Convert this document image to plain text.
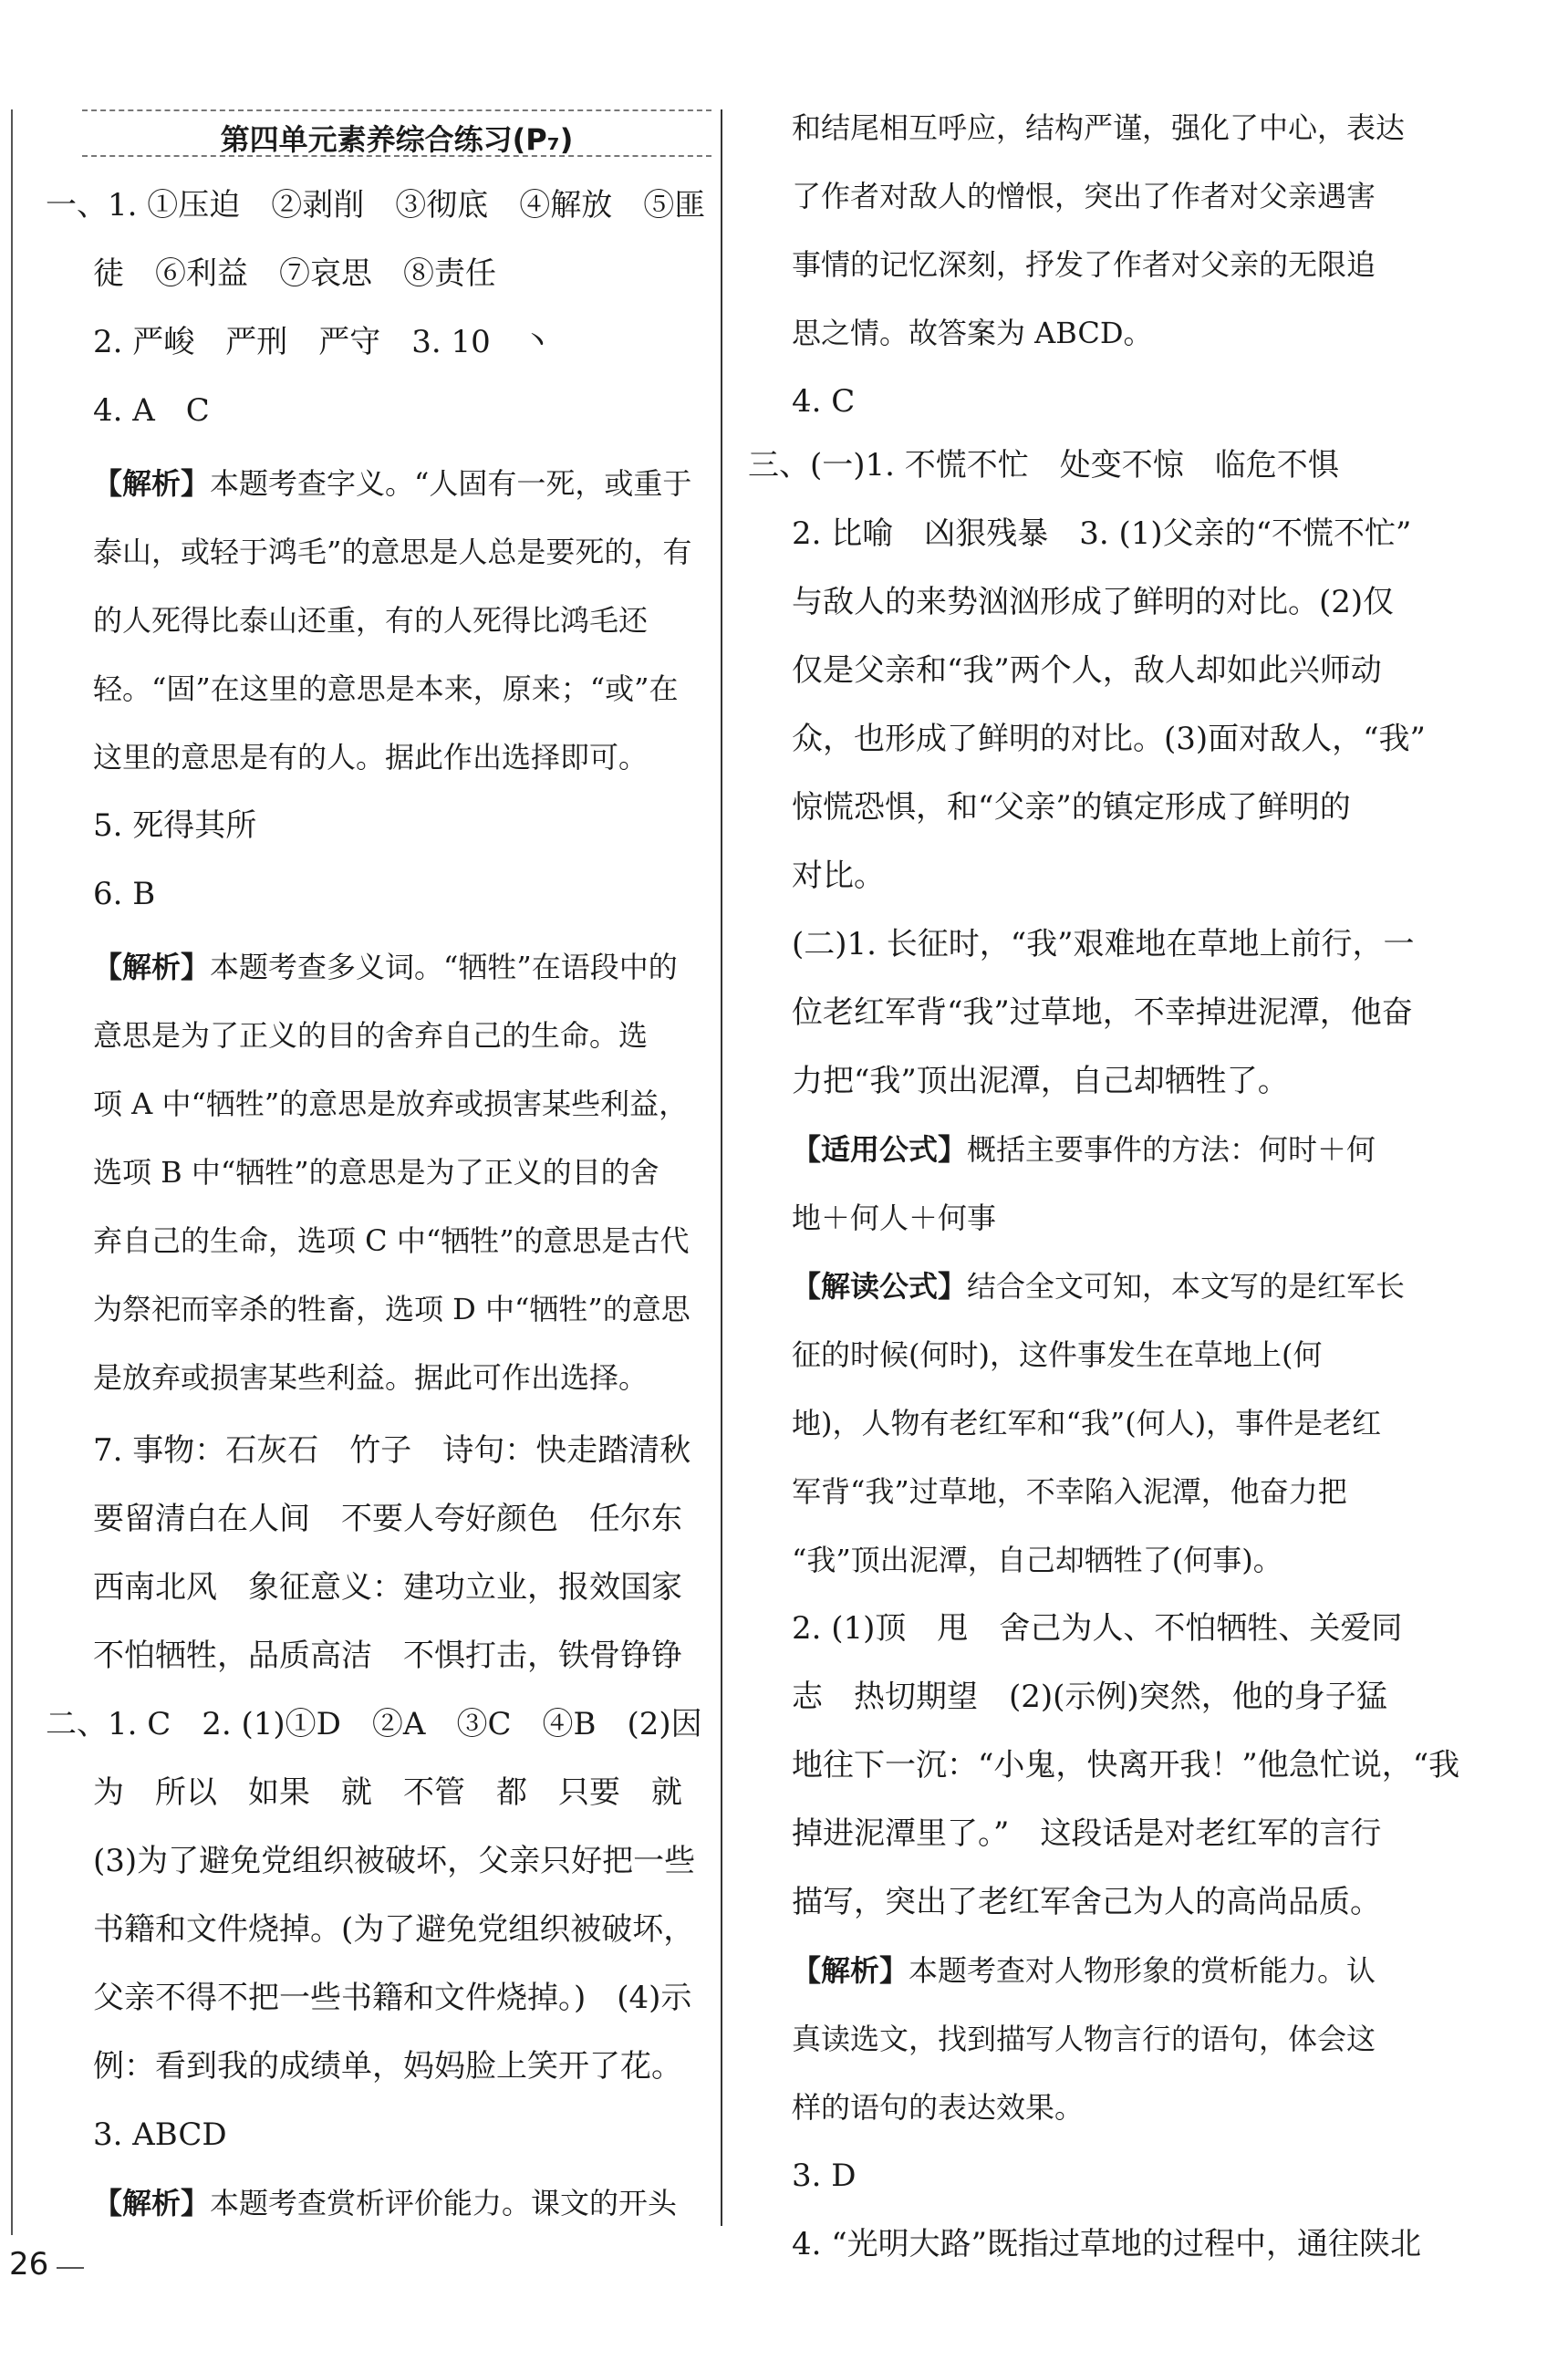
第四单元素养综合练习(P₇)
一、1. ①压迫　②剥削　③彻底　④解放　⑤匪
徒　⑥利益　⑦哀思　⑧责任
2. 严峻　严刑　严守　3. 10　丶
4. A　C
【解析】本题考查字义。“人固有一死，或重于
泰山，或轻于鸿毛”的意思是人总是要死的，有
的人死得比泰山还重，有的人死得比鸿毛还
轻。“固”在这里的意思是本来，原来；“或”在
这里的意思是有的人。据此作出选择即可。
5. 死得其所
6. B
【解析】本题考查多义词。“牺牲”在语段中的
意思是为了正义的目的舍弃自己的生命。选
项 A 中“牺牲”的意思是放弃或损害某些利益，
选项 B 中“牺牲”的意思是为了正义的目的舍
弃自己的生命，选项 C 中“牺牲”的意思是古代
为祭祀而宰杀的牲畜，选项 D 中“牺牲”的意思
是放弃或损害某些利益。据此可作出选择。
7. 事物：石灰石　竹子　诗句：快走踏清秋
要留清白在人间　不要人夸好颜色　任尔东
西南北风　象征意义：建功立业，报效国家
不怕牺牲，品质高洁　不惧打击，铁骨铮铮
二、1. C　2. (1)①D　②A　③C　④B　(2)因
为　所以　如果　就　不管　都　只要　就
(3)为了避免党组织被破坏，父亲只好把一些
书籍和文件烧掉。(为了避免党组织被破坏，
父亲不得不把一些书籍和文件烧掉。)　(4)示
例：看到我的成绩单，妈妈脸上笑开了花。
3. ABCD
【解析】本题考查赏析评价能力。课文的开头
和结尾相互呼应，结构严谨，强化了中心，表达
了作者对敌人的憎恨，突出了作者对父亲遇害
事情的记忆深刻，抒发了作者对父亲的无限追
思之情。故答案为 ABCD。
4. C
三、(一)1. 不慌不忙　处变不惊　临危不惧
2. 比喻　凶狠残暴　3. (1)父亲的“不慌不忙”
与敌人的来势汹汹形成了鲜明的对比。(2)仅
仅是父亲和“我”两个人，敌人却如此兴师动
众，也形成了鲜明的对比。(3)面对敌人，“我”
惊慌恐惧，和“父亲”的镇定形成了鲜明的
对比。
(二)1. 长征时，“我”艰难地在草地上前行，一
位老红军背“我”过草地，不幸掉进泥潭，他奋
力把“我”顶出泥潭，自己却牺牲了。
【适用公式】概括主要事件的方法：何时＋何
地＋何人＋何事
【解读公式】结合全文可知，本文写的是红军长
征的时候(何时)，这件事发生在草地上(何
地)，人物有老红军和“我”(何人)，事件是老红
军背“我”过草地，不幸陷入泥潭，他奋力把
“我”顶出泥潭，自己却牺牲了(何事)。
2. (1)顶　甩　舍己为人、不怕牺牲、关爱同
志　热切期望　(2)(示例)突然，他的身子猛
地往下一沉：“小鬼，快离开我！”他急忙说，“我
掉进泥潭里了。”　这段话是对老红军的言行
描写，突出了老红军舍己为人的高尚品质。
【解析】本题考查对人物形象的赏析能力。认
真读选文，找到描写人物言行的语句，体会这
样的语句的表达效果。
3. D
4. “光明大路”既指过草地的过程中，通往陕北
26
